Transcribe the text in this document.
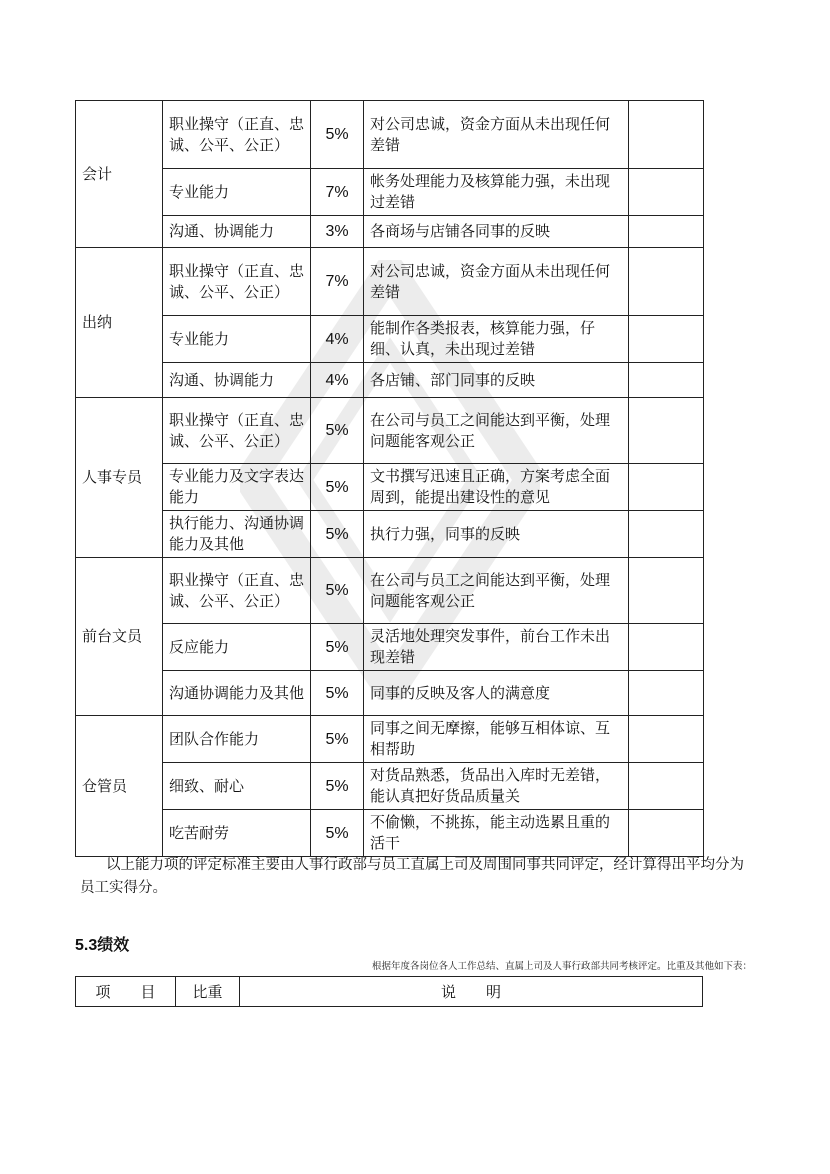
会计	职业操守（正直、忠诚、公平、公正）	5%	对公司忠诚，资金方面从未出现任何差错	
	专业能力	7%	帐务处理能力及核算能力强，未出现过差错	
	沟通、协调能力	3%	各商场与店铺各同事的反映	
出纳	职业操守（正直、忠诚、公平、公正）	7%	对公司忠诚，资金方面从未出现任何差错	
	专业能力	4%	能制作各类报表，核算能力强，仔细、认真，未出现过差错	
	沟通、协调能力	4%	各店铺、部门同事的反映	
人事专员	职业操守（正直、忠诚、公平、公正）	5%	在公司与员工之间能达到平衡，处理问题能客观公正	
	专业能力及文字表达能力	5%	文书撰写迅速且正确，方案考虑全面周到，能提出建设性的意见	
	执行能力、沟通协调能力及其他	5%	执行力强，同事的反映	
前台文员	职业操守（正直、忠诚、公平、公正）	5%	在公司与员工之间能达到平衡，处理问题能客观公正	
	反应能力	5%	灵活地处理突发事件，前台工作未出现差错	
	沟通协调能力及其他	5%	同事的反映及客人的满意度	
仓管员	团队合作能力	5%	同事之间无摩擦，能够互相体谅、互相帮助	
	细致、耐心	5%	对货品熟悉，货品出入库时无差错，能认真把好货品质量关	
	吃苦耐劳	5%	不偷懒，不挑拣，能主动选累且重的活干	
以上能力项的评定标准主要由人事行政部与员工直属上司及周围同事共同评定，经计算得出平均分为员工实得分。
5.3绩效
根据年度各岗位各人工作总结、直属上司及人事行政部共同考核评定。比重及其他如下表：
项　　目	比重	说　　明
